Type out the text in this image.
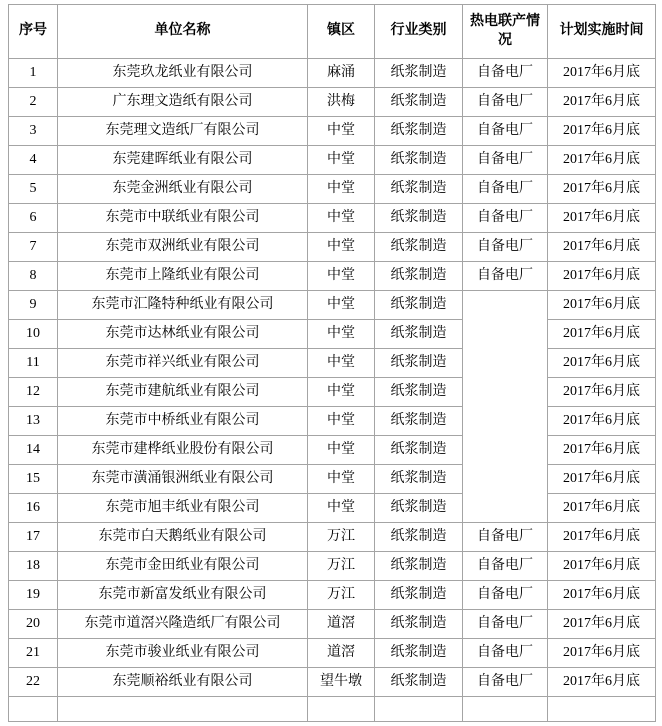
序号	单位名称	镇区	行业类别	热电联产情况	计划实施时间
1	东莞玖龙纸业有限公司	麻涌	纸浆制造	自备电厂	2017年6月底
2	广东理文造纸有限公司	洪梅	纸浆制造	自备电厂	2017年6月底
3	东莞理文造纸厂有限公司	中堂	纸浆制造	自备电厂	2017年6月底
4	东莞建晖纸业有限公司	中堂	纸浆制造	自备电厂	2017年6月底
5	东莞金洲纸业有限公司	中堂	纸浆制造	自备电厂	2017年6月底
6	东莞市中联纸业有限公司	中堂	纸浆制造	自备电厂	2017年6月底
7	东莞市双洲纸业有限公司	中堂	纸浆制造	自备电厂	2017年6月底
8	东莞市上隆纸业有限公司	中堂	纸浆制造	自备电厂	2017年6月底
9	东莞市汇隆特种纸业有限公司	中堂	纸浆制造		2017年6月底
10	东莞市达林纸业有限公司	中堂	纸浆制造		2017年6月底
11	东莞市祥兴纸业有限公司	中堂	纸浆制造		2017年6月底
12	东莞市建航纸业有限公司	中堂	纸浆制造		2017年6月底
13	东莞市中桥纸业有限公司	中堂	纸浆制造		2017年6月底
14	东莞市建桦纸业股份有限公司	中堂	纸浆制造		2017年6月底
15	东莞市潢涌银洲纸业有限公司	中堂	纸浆制造		2017年6月底
16	东莞市旭丰纸业有限公司	中堂	纸浆制造		2017年6月底
17	东莞市白天鹅纸业有限公司	万江	纸浆制造	自备电厂	2017年6月底
18	东莞市金田纸业有限公司	万江	纸浆制造	自备电厂	2017年6月底
19	东莞市新富发纸业有限公司	万江	纸浆制造	自备电厂	2017年6月底
20	东莞市道滘兴隆造纸厂有限公司	道滘	纸浆制造	自备电厂	2017年6月底
21	东莞市骏业纸业有限公司	道滘	纸浆制造	自备电厂	2017年6月底
22	东莞顺裕纸业有限公司	望牛墩	纸浆制造	自备电厂	2017年6月底
